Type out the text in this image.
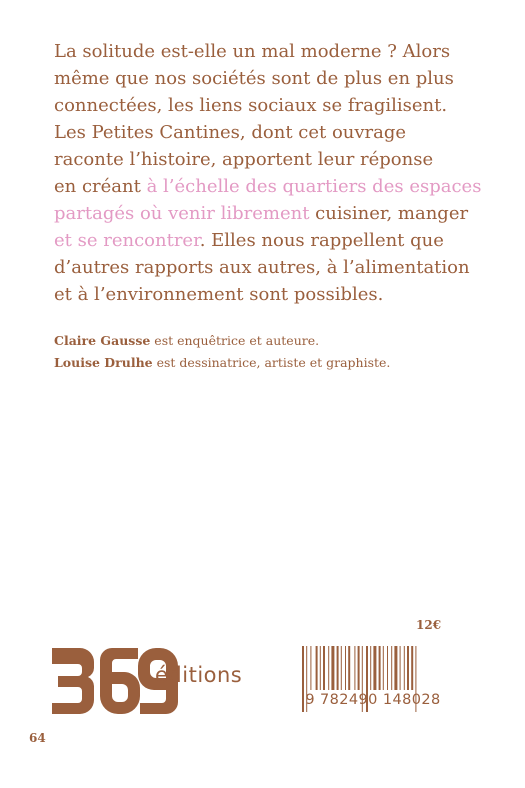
La solitude est-elle un mal moderne ? Alors
même que nos sociétés sont de plus en plus
connectées, les liens sociaux se fragilisent.
Les Petites Cantines, dont cet ouvrage
raconte l’histoire, apportent leur réponse
en créant à l’échelle des quartiers des espaces
partagés où venir librement cuisiner, manger
et se rencontrer. Elles nous rappellent que
d’autres rapports aux autres, à l’alimentation
et à l’environnement sont possibles.
Claire Gausse est enquêtrice et auteure.
Louise Drulhe est dessinatrice, artiste et graphiste.
12€
éditions
9 782490 148028
64
